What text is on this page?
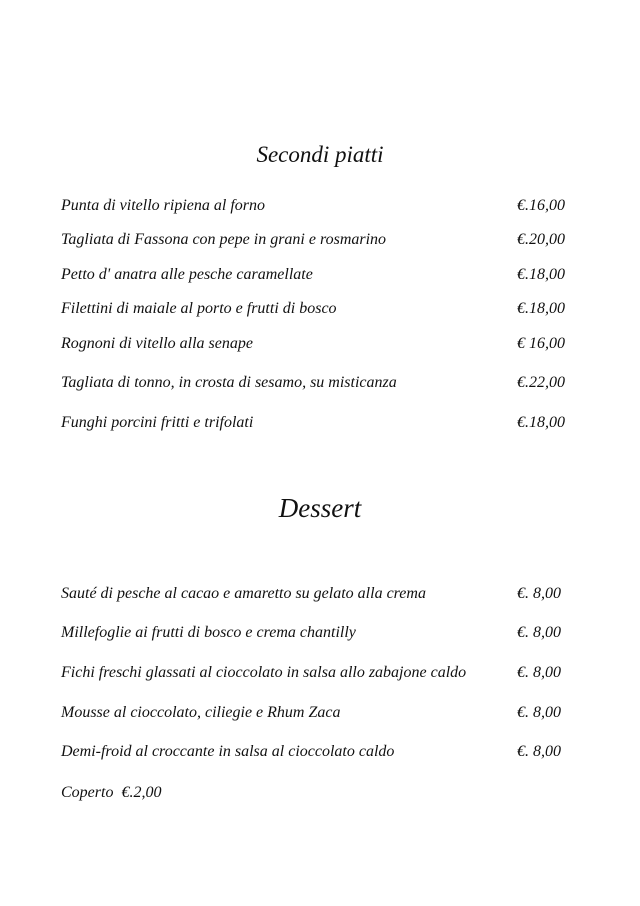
Secondi piatti
Punta di vitello ripiena al forno	€.16,00
Tagliata di Fassona con pepe in grani e rosmarino	€.20,00
Petto d' anatra alle pesche caramellate	€.18,00
Filettini di maiale al porto e frutti di bosco	€.18,00
Rognoni di vitello alla senape	€ 16,00
Tagliata di tonno, in crosta di sesamo, su misticanza	€.22,00
Funghi porcini fritti e trifolati	€.18,00
Dessert
Sauté di pesche al cacao e amaretto su gelato alla crema	€. 8,00
Millefoglie ai frutti di bosco e crema chantilly	€. 8,00
Fichi freschi glassati al cioccolato in salsa allo zabajone caldo	€. 8,00
Mousse al cioccolato, ciliegie e Rhum Zaca	€. 8,00
Demi-froid al croccante in salsa al cioccolato caldo	€. 8,00
Coperto  €.2,00
